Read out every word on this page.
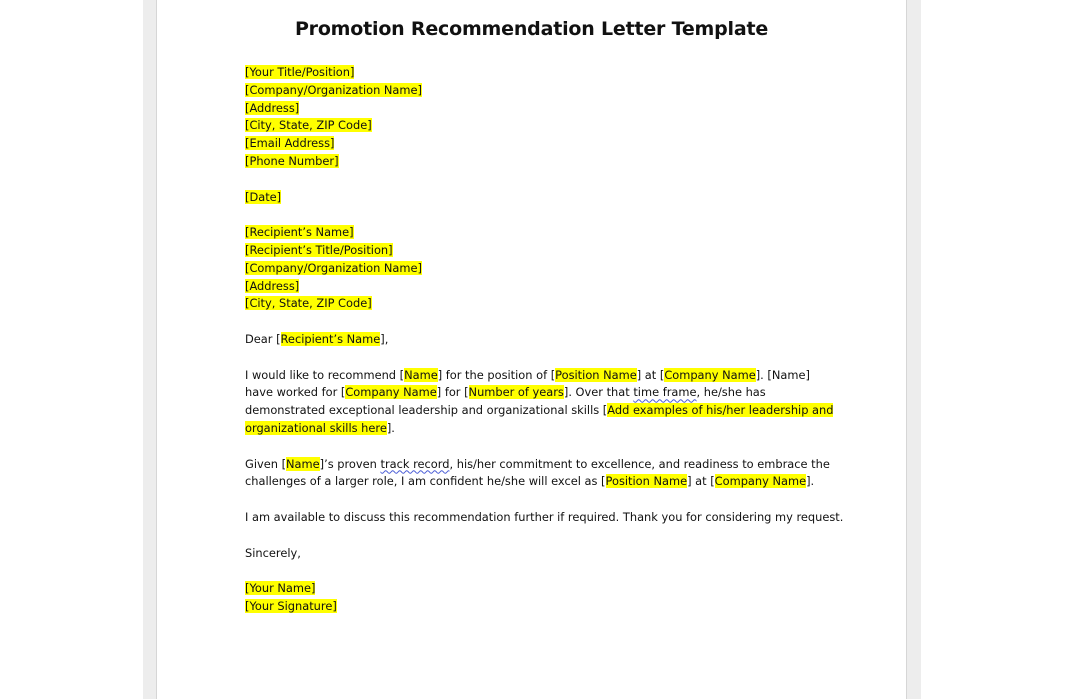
Promotion Recommendation Letter Template

[Your Title/Position]

[Company/Organization Name]

[Address]

[City, State, ZIP Code]

[Email Address]

[Phone Number]

[Date]

[Recipient’s Name]

[Recipient’s Title/Position]

[Company/Organization Name]

[Address]

[City, State, ZIP Code]

Dear [Recipient’s Name],

I would like to recommend [Name] for the position of [Position Name] at [Company Name]. [Name]

have worked for [Company Name] for [Number of years]. Over that time frame, he/she has

demonstrated exceptional leadership and organizational skills [Add examples of his/her leadership and

organizational skills here].

Given [Name]’s proven track record, his/her commitment to excellence, and readiness to embrace the

challenges of a larger role, I am confident he/she will excel as [Position Name] at [Company Name].

I am available to discuss this recommendation further if required. Thank you for considering my request.

Sincerely,

[Your Name]

[Your Signature]
